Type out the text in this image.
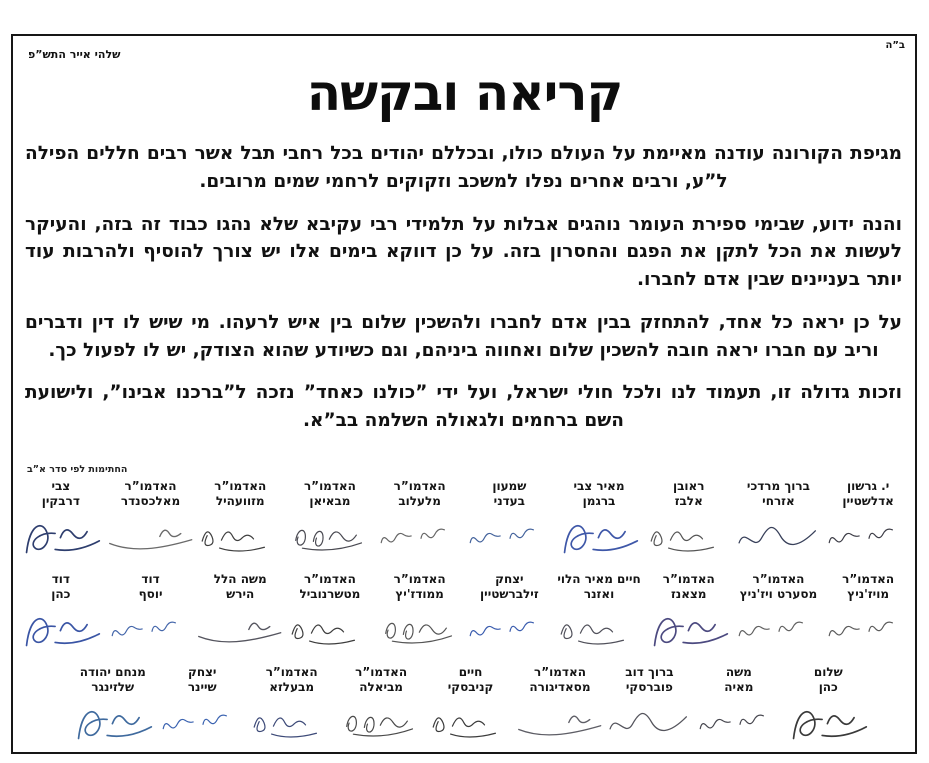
ב”ה
שלהי אייר התש”פ
קריאה ובקשה

מגיפת הקורונה עודנה מאיימת על העולם כולו, ובכללם יהודים בכל רחבי תבל אשר רבים חללים הפילה ל”ע, ורבים אחרים נפלו למשכב וזקוקים לרחמי שמים מרובים.

והנה ידוע, שבימי ספירת העומר נוהגים אבלות על תלמידי רבי עקיבא שלא נהגו כבוד זה בזה, והעיקר לעשות את הכל לתקן את הפגם והחסרון בזה. על כן דווקא בימים אלו יש צורך להוסיף ולהרבות עוד יותר בעניינים שבין אדם לחברו.

על כן יראה כל אחד, להתחזק בבין אדם לחברו ולהשכין שלום בין איש לרעהו. מי שיש לו דין ודברים וריב עם חברו יראה חובה להשכין שלום ואחווה ביניהם, וגם כשיודע שהוא הצודק, יש לו לפעול כך.

וזכות גדולה זו, תעמוד לנו ולכל חולי ישראל, ועל ידי ”כולנו כאחד” נזכה ל”ברכנו אבינו”, ולישועת השם ברחמים ולגאולה השלמה בב”א.

החתימות לפי סדר א”ב
י. גרשון
אדלשטיין
ברוך מרדכי
אזרחי
ראובן
אלבז
מאיר צבי
ברגמן
שמעון
בעדני
האדמו”ר
מלעלוב
האדמו”ר
מבאיאן
האדמו”ר
מזוועהיל
האדמו”ר
מאלכסנדר
צבי
דרבקין
האדמו”ר
מויז'ניץ
האדמו”ר
מסערט ויז'ניץ
האדמו”ר
מצאנז
חיים מאיר הלוי
ואזנר
יצחק
זילברשטיין
האדמו”ר
ממודז'יץ
האדמו”ר
מטשרנוביל
משה הלל
הירש
דוד
יוסף
דוד
כהן
שלום
כהן
משה
מאיה
ברוך דוב
פוברסקי
האדמו”ר
מסאדיגורה
חיים
קניבסקי
האדמו”ר
מביאלה
האדמו”ר
מבעלזא
יצחק
שיינר
מנחם יהודה
שלזינגר
